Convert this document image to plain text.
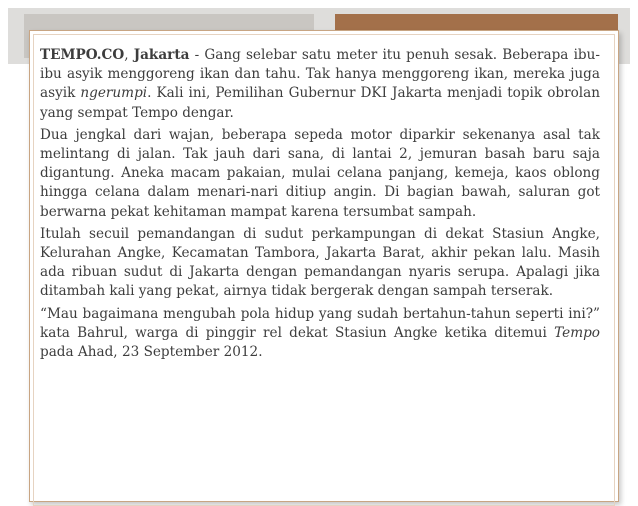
TEMPO.CO, Jakarta - Gang selebar satu meter itu penuh sesak. Beberapa ibu-ibu asyik menggoreng ikan dan tahu. Tak hanya menggoreng ikan, mereka juga asyik ngerumpi. Kali ini, Pemilihan Gubernur DKI Jakarta menjadi topik obrolan yang sempat Tempo dengar.

Dua jengkal dari wajan, beberapa sepeda motor diparkir sekenanya asal tak melintang di jalan. Tak jauh dari sana, di lantai 2, jemuran basah baru saja digantung. Aneka macam pakaian, mulai celana panjang, kemeja, kaos oblong hingga celana dalam menari-nari ditiup angin. Di bagian bawah, saluran got berwarna pekat kehitaman mampat karena tersumbat sampah.

Itulah secuil pemandangan di sudut perkampungan di dekat Stasiun Angke, Kelurahan Angke, Kecamatan Tambora, Jakarta Barat, akhir pekan lalu. Masih ada ribuan sudut di Jakarta dengan pemandangan nyaris serupa. Apalagi jika ditambah kali yang pekat, airnya tidak bergerak dengan sampah terserak.

“Mau bagaimana mengubah pola hidup yang sudah bertahun-tahun seperti ini?” kata Bahrul, warga di pinggir rel dekat Stasiun Angke ketika ditemui Tempo pada Ahad, 23 September 2012.
